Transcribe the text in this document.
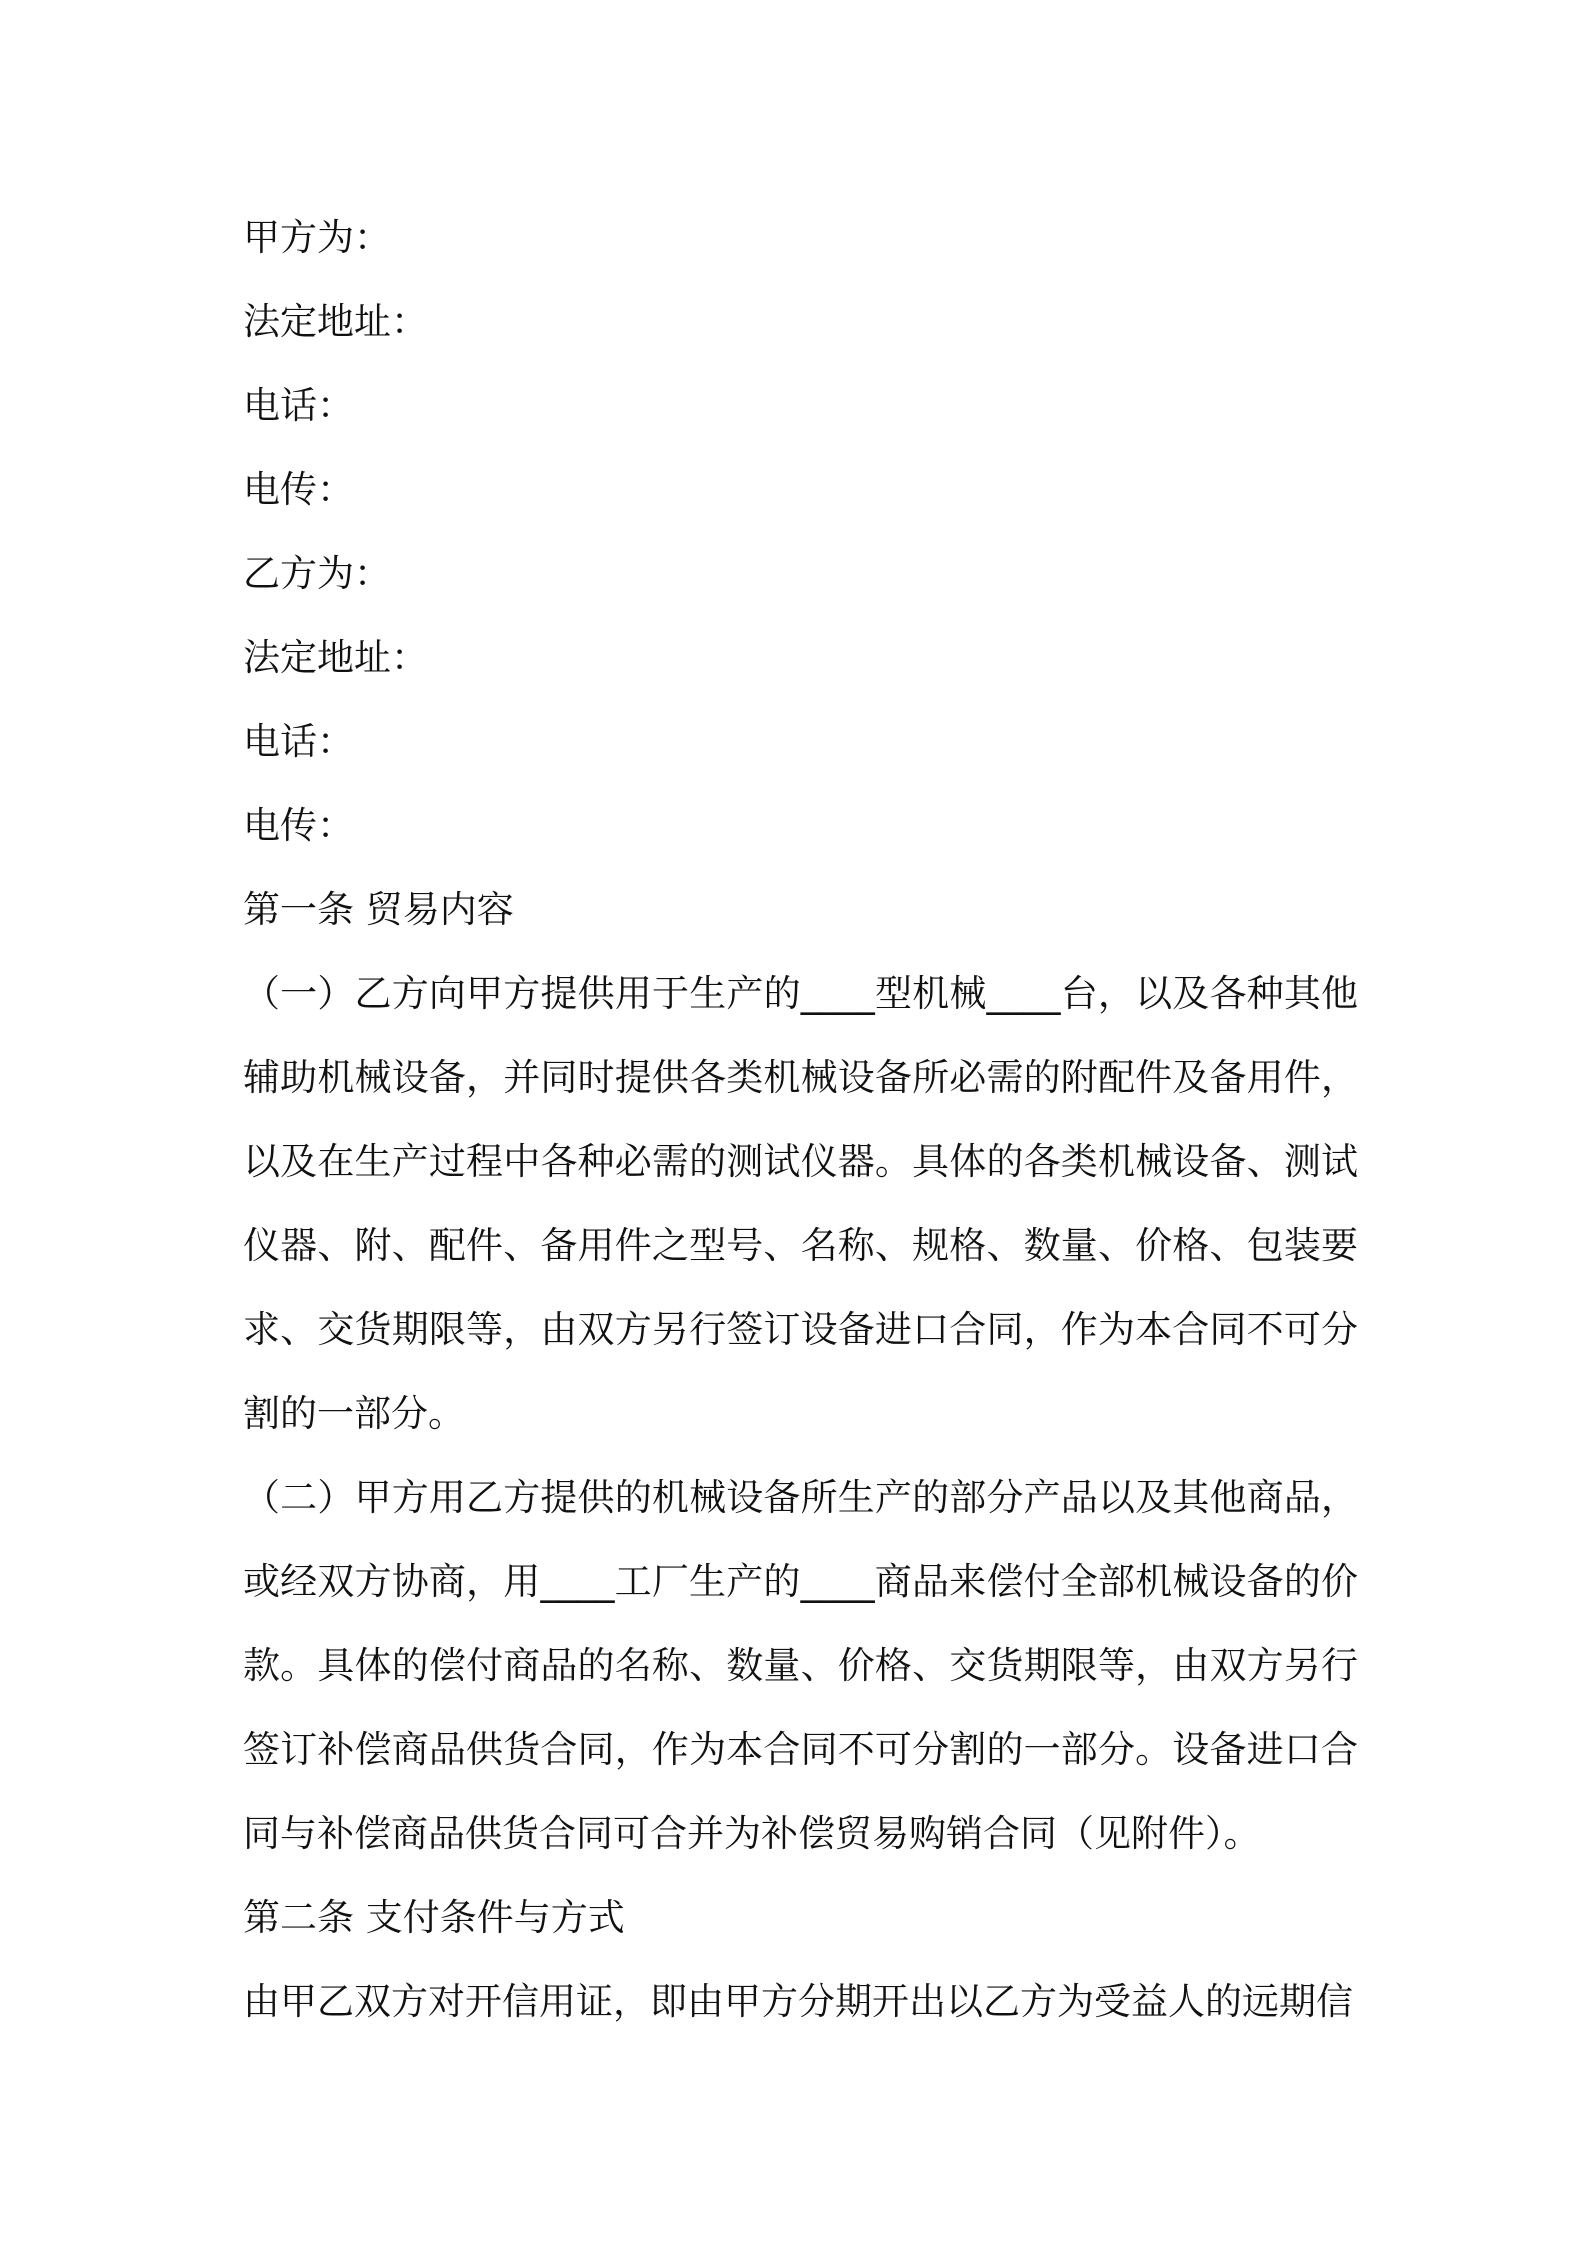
甲方为：

法定地址：

电话：

电传：

乙方为：

法定地址：

电话：

电传：

第一条 贸易内容

（一）乙方向甲方提供用于生产的____型机械____台，以及各种其他辅助机械设备，并同时提供各类机械设备所必需的附配件及备用件，以及在生产过程中各种必需的测试仪器。具体的各类机械设备、测试仪器、附、配件、备用件之型号、名称、规格、数量、价格、包装要求、交货期限等，由双方另行签订设备进口合同，作为本合同不可分割的一部分。

（二）甲方用乙方提供的机械设备所生产的部分产品以及其他商品，或经双方协商，用____工厂生产的____商品来偿付全部机械设备的价款。具体的偿付商品的名称、数量、价格、交货期限等，由双方另行签订补偿商品供货合同，作为本合同不可分割的一部分。设备进口合同与补偿商品供货合同可合并为补偿贸易购销合同（见附件）。

第二条 支付条件与方式

由甲乙双方对开信用证，即由甲方分期开出以乙方为受益人的远期信
